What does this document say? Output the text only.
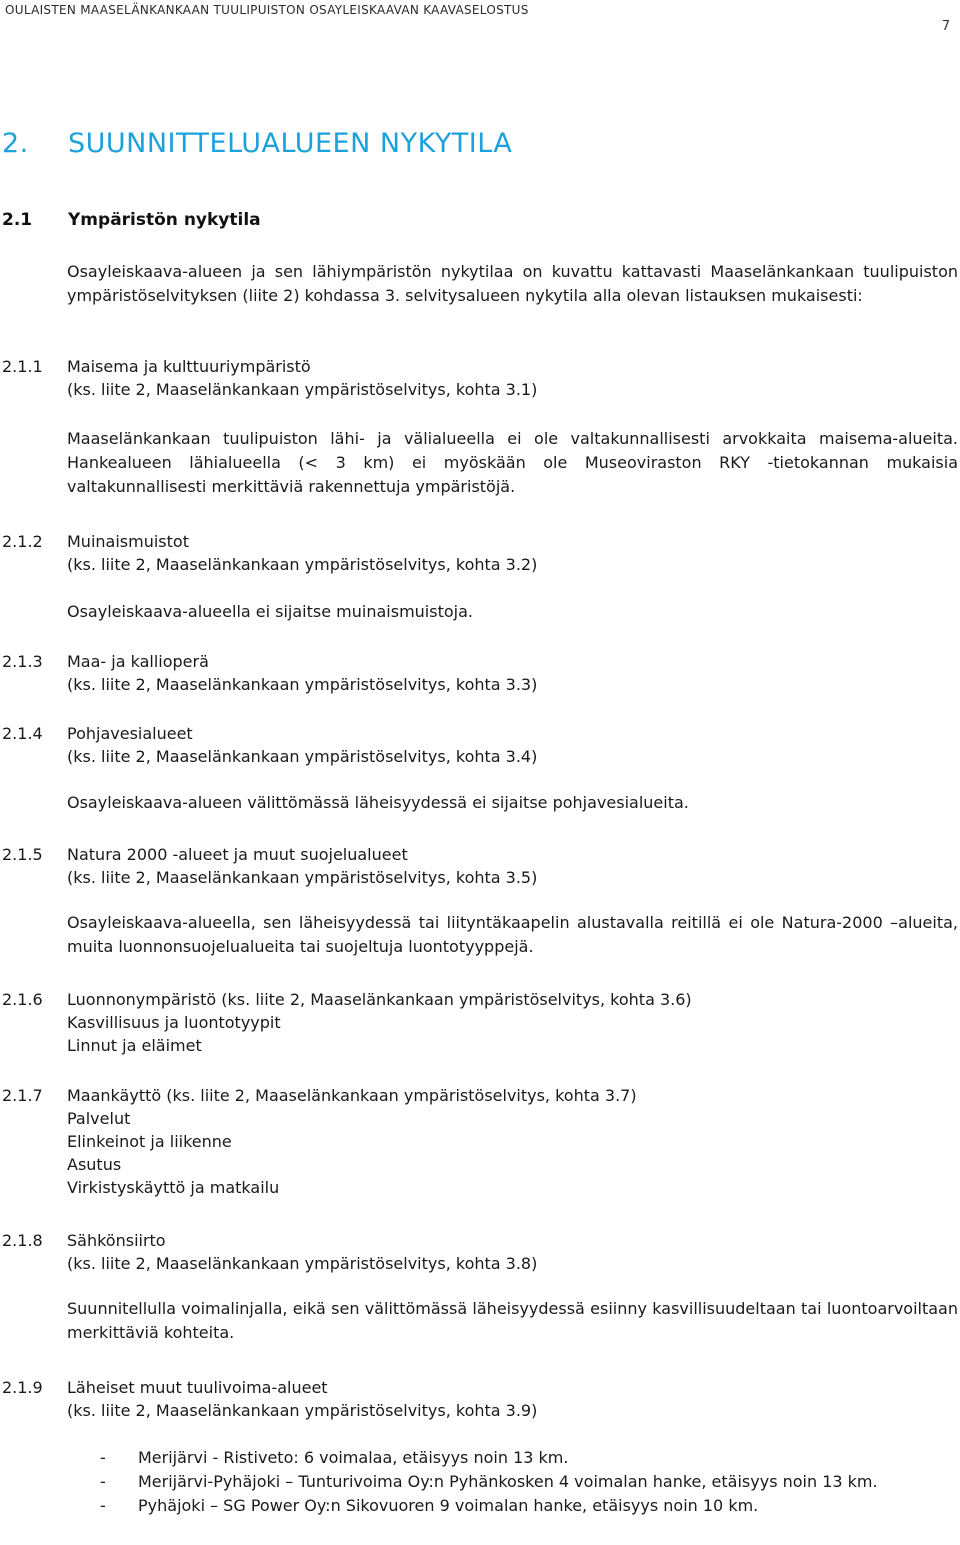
OULAISTEN MAASELÄNKANKAAN TUULIPUISTON OSAYLEISKAAVAN KAAVASELOSTUS
7
2. SUUNNITTELUALUEEN NYKYTILA
2.1 Ympäristön nykytila
Osayleiskaava-alueen ja sen lähiympäristön nykytilaa on kuvattu kattavasti Maaselänkankaan tuulipuiston ympäristöselvityksen (liite 2) kohdassa 3. selvitysalueen nykytila alla olevan listauksen mukaisesti:
2.1.1 Maisema ja kulttuuriympäristö
(ks. liite 2, Maaselänkankaan ympäristöselvitys, kohta 3.1)
Maaselänkankaan tuulipuiston lähi- ja välialueella ei ole valtakunnallisesti arvokkaita maisema-alueita. Hankealueen lähialueella (< 3 km) ei myöskään ole Museoviraston RKY -tietokannan mukaisia valtakunnallisesti merkittäviä rakennettuja ympäristöjä.
2.1.2 Muinaismuistot
(ks. liite 2, Maaselänkankaan ympäristöselvitys, kohta 3.2)
Osayleiskaava-alueella ei sijaitse muinaismuistoja.
2.1.3 Maa- ja kallioperä
(ks. liite 2, Maaselänkankaan ympäristöselvitys, kohta 3.3)
2.1.4 Pohjavesialueet
(ks. liite 2, Maaselänkankaan ympäristöselvitys, kohta 3.4)
Osayleiskaava-alueen välittömässä läheisyydessä ei sijaitse pohjavesialueita.
2.1.5 Natura 2000 -alueet ja muut suojelualueet
(ks. liite 2, Maaselänkankaan ympäristöselvitys, kohta 3.5)
Osayleiskaava-alueella, sen läheisyydessä tai liityntäkaapelin alustavalla reitillä ei ole Natura-2000 –alueita, muita luonnonsuojelualueita tai suojeltuja luontotyyppejä.
2.1.6 Luonnonympäristö (ks. liite 2, Maaselänkankaan ympäristöselvitys, kohta 3.6)
Kasvillisuus ja luontotyypit
Linnut ja eläimet
2.1.7 Maankäyttö (ks. liite 2, Maaselänkankaan ympäristöselvitys, kohta 3.7)
Palvelut
Elinkeinot ja liikenne
Asutus
Virkistyskäyttö ja matkailu
2.1.8 Sähkönsiirto
(ks. liite 2, Maaselänkankaan ympäristöselvitys, kohta 3.8)
Suunnitellulla voimalinjalla, eikä sen välittömässä läheisyydessä esiinny kasvillisuudeltaan tai luontoarvoiltaan merkittäviä kohteita.
2.1.9 Läheiset muut tuulivoima-alueet
(ks. liite 2, Maaselänkankaan ympäristöselvitys, kohta 3.9)
- Merijärvi - Ristiveto: 6 voimalaa, etäisyys noin 13 km.
- Merijärvi-Pyhäjoki – Tunturivoima Oy:n Pyhänkosken 4 voimalan hanke, etäisyys noin 13 km.
- Pyhäjoki – SG Power Oy:n Sikovuoren 9 voimalan hanke, etäisyys noin 10 km.
